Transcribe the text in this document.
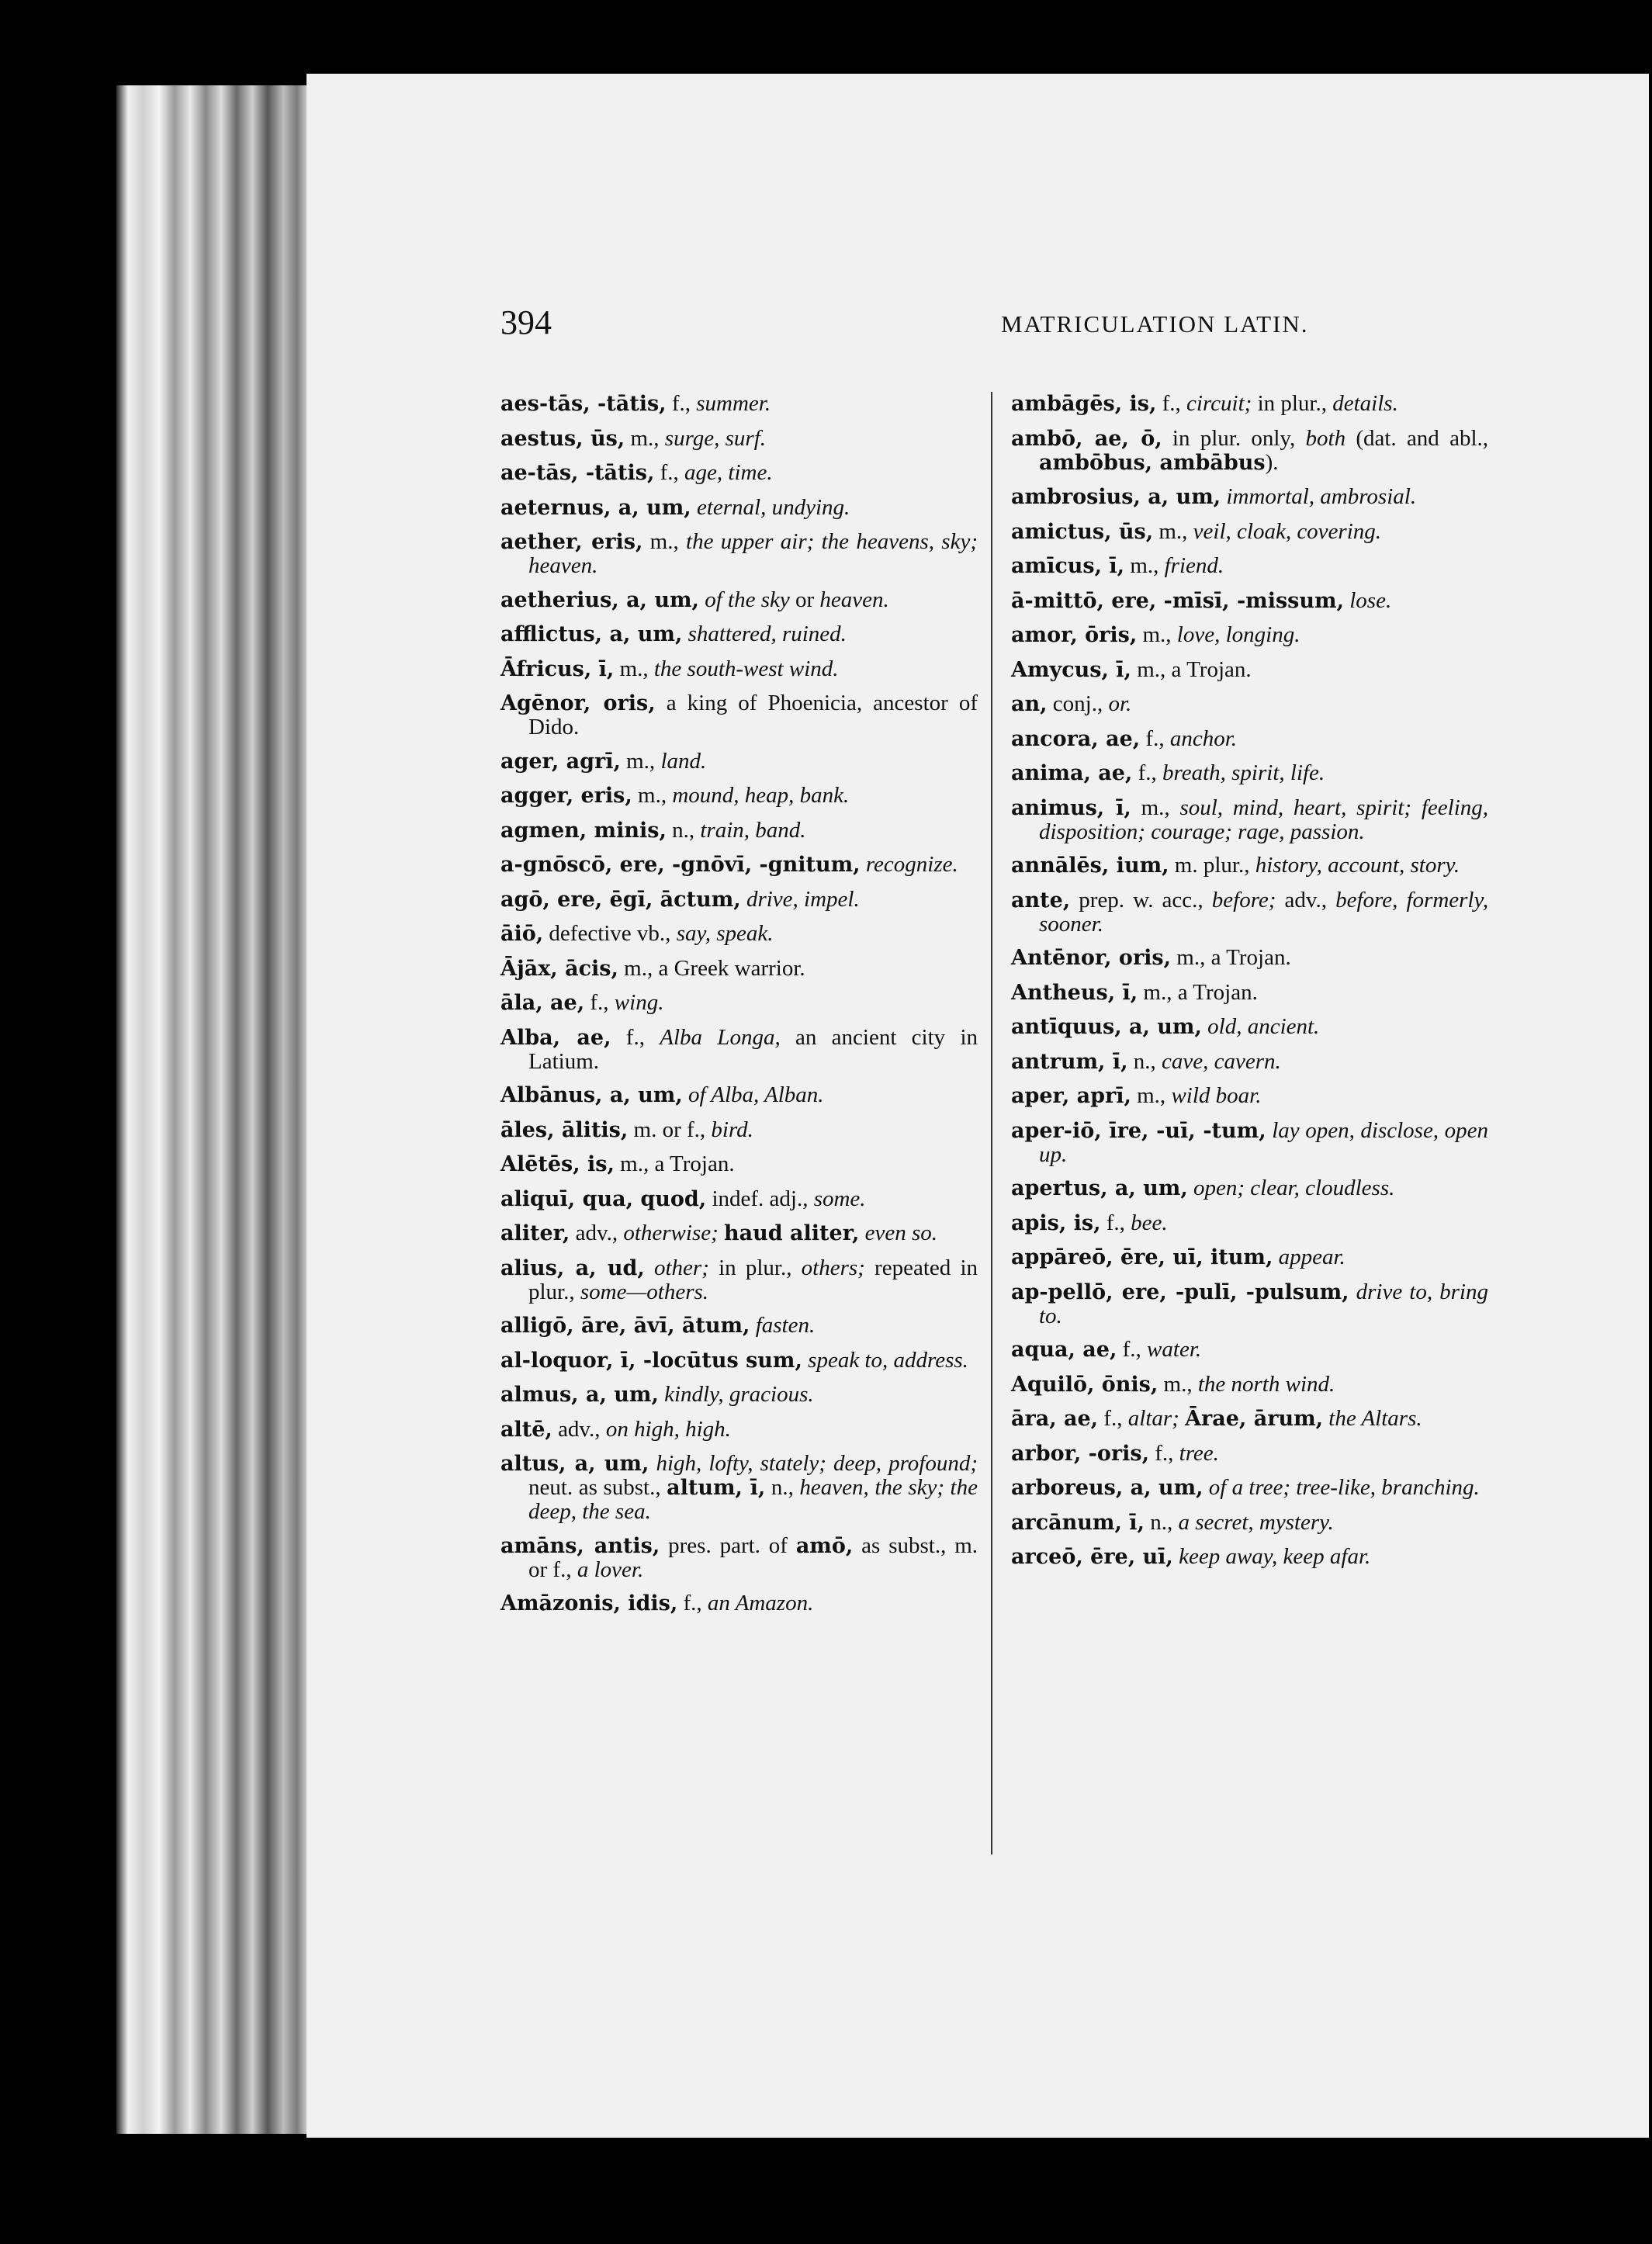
394	MATRICULATION LATIN.

aes-tās, -tātis, f., summer.

aestus, ūs, m., surge, surf.

ae-tās, -tātis, f., age, time.

aeternus, a, um, eternal, undying.

aether, eris, m., the upper air; the heavens, sky; heaven.

aetherius, a, um, of the sky or heaven.

afflictus, a, um, shattered, ruined.

Āfricus, ī, m., the south-west wind.

Agēnor, oris, a king of Phoenicia, ancestor of Dido.

ager, agrī, m., land.

agger, eris, m., mound, heap, bank.

agmen, minis, n., train, band.

a-gnōscō, ere, -gnōvī, -gnitum, recognize.

agō, ere, ēgī, āctum, drive, impel.

āiō, defective vb., say, speak.

Ājāx, ācis, m., a Greek warrior.

āla, ae, f., wing.

Alba, ae, f., Alba Longa, an ancient city in Latium.

Albānus, a, um, of Alba, Alban.

āles, ālitis, m. or f., bird.

Alētēs, is, m., a Trojan.

aliquī, qua, quod, indef. adj., some.

aliter, adv., otherwise; haud aliter, even so.

alius, a, ud, other; in plur., others; repeated in plur., some—others.

alligō, āre, āvī, ātum, fasten.

al-loquor, ī, -locūtus sum, speak to, address.

almus, a, um, kindly, gracious.

altē, adv., on high, high.

altus, a, um, high, lofty, stately; deep, profound; neut. as subst., altum, ī, n., heaven, the sky; the deep, the sea.

amāns, antis, pres. part. of amō, as subst., m. or f., a lover.

Amāzonis, idis, f., an Amazon.

ambāgēs, is, f., circuit; in plur., details.

ambō, ae, ō, in plur. only, both (dat. and abl., ambōbus, ambābus).

ambrosius, a, um, immortal, ambrosial.

amictus, ūs, m., veil, cloak, covering.

amīcus, ī, m., friend.

ā-mittō, ere, -mīsī, -missum, lose.

amor, ōris, m., love, longing.

Amycus, ī, m., a Trojan.

an, conj., or.

ancora, ae, f., anchor.

anima, ae, f., breath, spirit, life.

animus, ī, m., soul, mind, heart, spirit; feeling, disposition; courage; rage, passion.

annālēs, ium, m. plur., history, account, story.

ante, prep. w. acc., before; adv., before, formerly, sooner.

Antēnor, oris, m., a Trojan.

Antheus, ī, m., a Trojan.

antīquus, a, um, old, ancient.

antrum, ī, n., cave, cavern.

aper, aprī, m., wild boar.

aper-iō, īre, -uī, -tum, lay open, disclose, open up.

apertus, a, um, open; clear, cloudless.

apis, is, f., bee.

appāreō, ēre, uī, itum, appear.

ap-pellō, ere, -pulī, -pulsum, drive to, bring to.

aqua, ae, f., water.

Aquilō, ōnis, m., the north wind.

āra, ae, f., altar; Ārae, ārum, the Altars.

arbor, -oris, f., tree.

arboreus, a, um, of a tree; tree-like, branching.

arcānum, ī, n., a secret, mystery.

arceō, ēre, uī, keep away, keep afar.
